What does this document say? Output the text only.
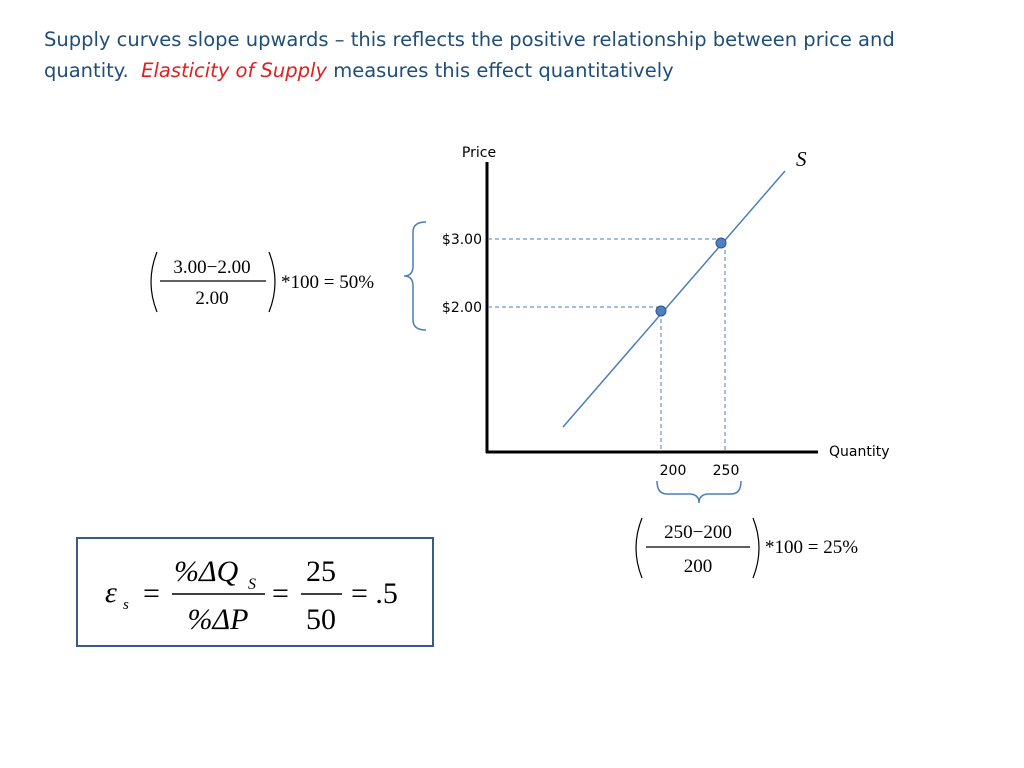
Supply curves slope upwards – this reflects the positive relationship between price and
quantity. Elasticity of Supply measures this effect quantitatively
Price
Quantity
S
$3.00
$2.00
200 250
3.00−2.00
2.00
*100 = 50%
250−200
200
*100 = 25%
ε s =
%ΔQ S
%ΔP
=
25
50
= .5
